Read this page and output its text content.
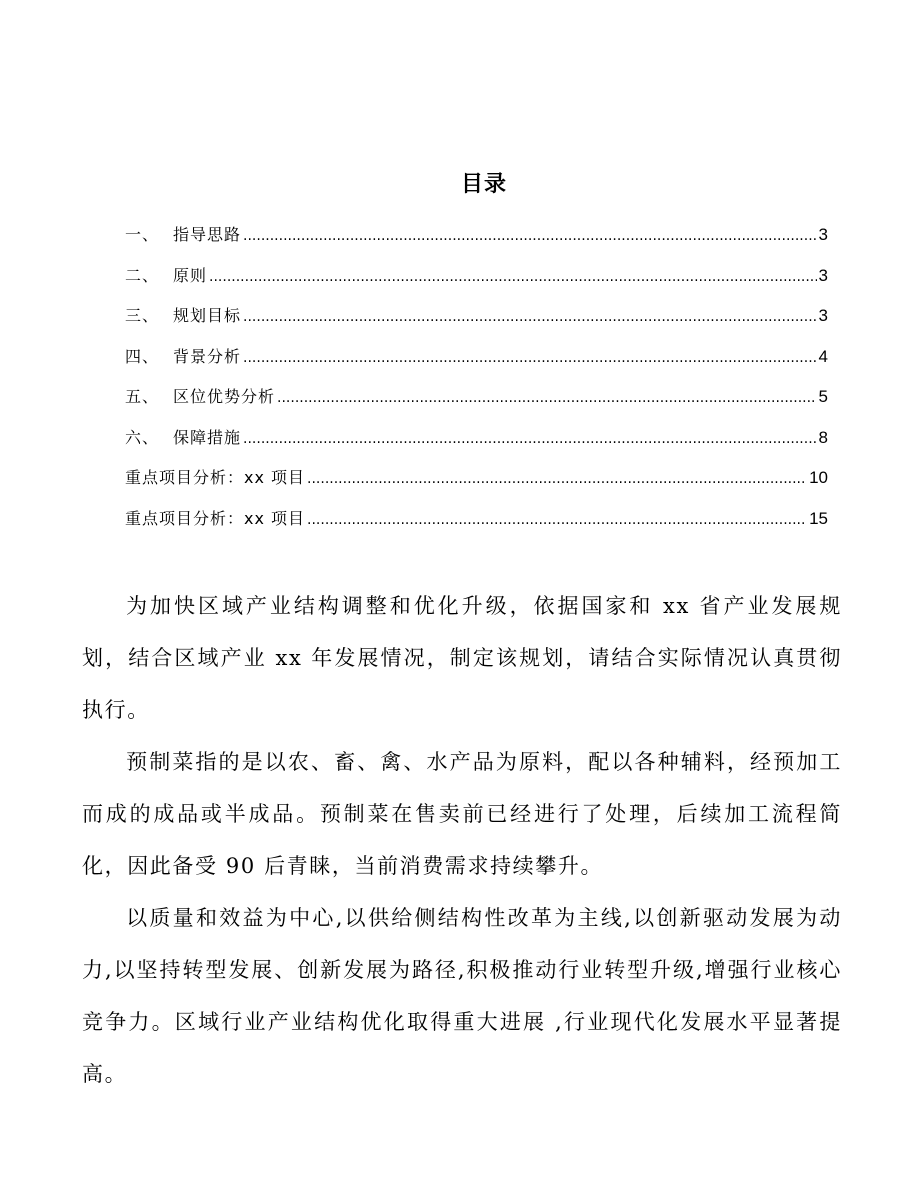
目录
一、 指导思路 .....	3
二、 原则 .....	3
三、 规划目标 .....	3
四、 背景分析 .....	4
五、 区位优势分析 .....	5
六、 保障措施 .....	8
重点项目分析：xx 项目 .....	10
重点项目分析：xx 项目 .....	15

为加快区域产业结构调整和优化升级，依据国家和 xx 省产业发展规划，结合区域产业 xx 年发展情况，制定该规划，请结合实际情况认真贯彻执行。

预制菜指的是以农、畜、禽、水产品为原料，配以各种辅料，经预加工而成的成品或半成品。预制菜在售卖前已经进行了处理，后续加工流程简化，因此备受 90 后青睐，当前消费需求持续攀升。

以质量和效益为中心,以供给侧结构性改革为主线,以创新驱动发展为动力,以坚持转型发展、创新发展为路径,积极推动行业转型升级,增强行业核心竞争力。区域行业产业结构优化取得重大进展 ,行业现代化发展水平显著提高。
